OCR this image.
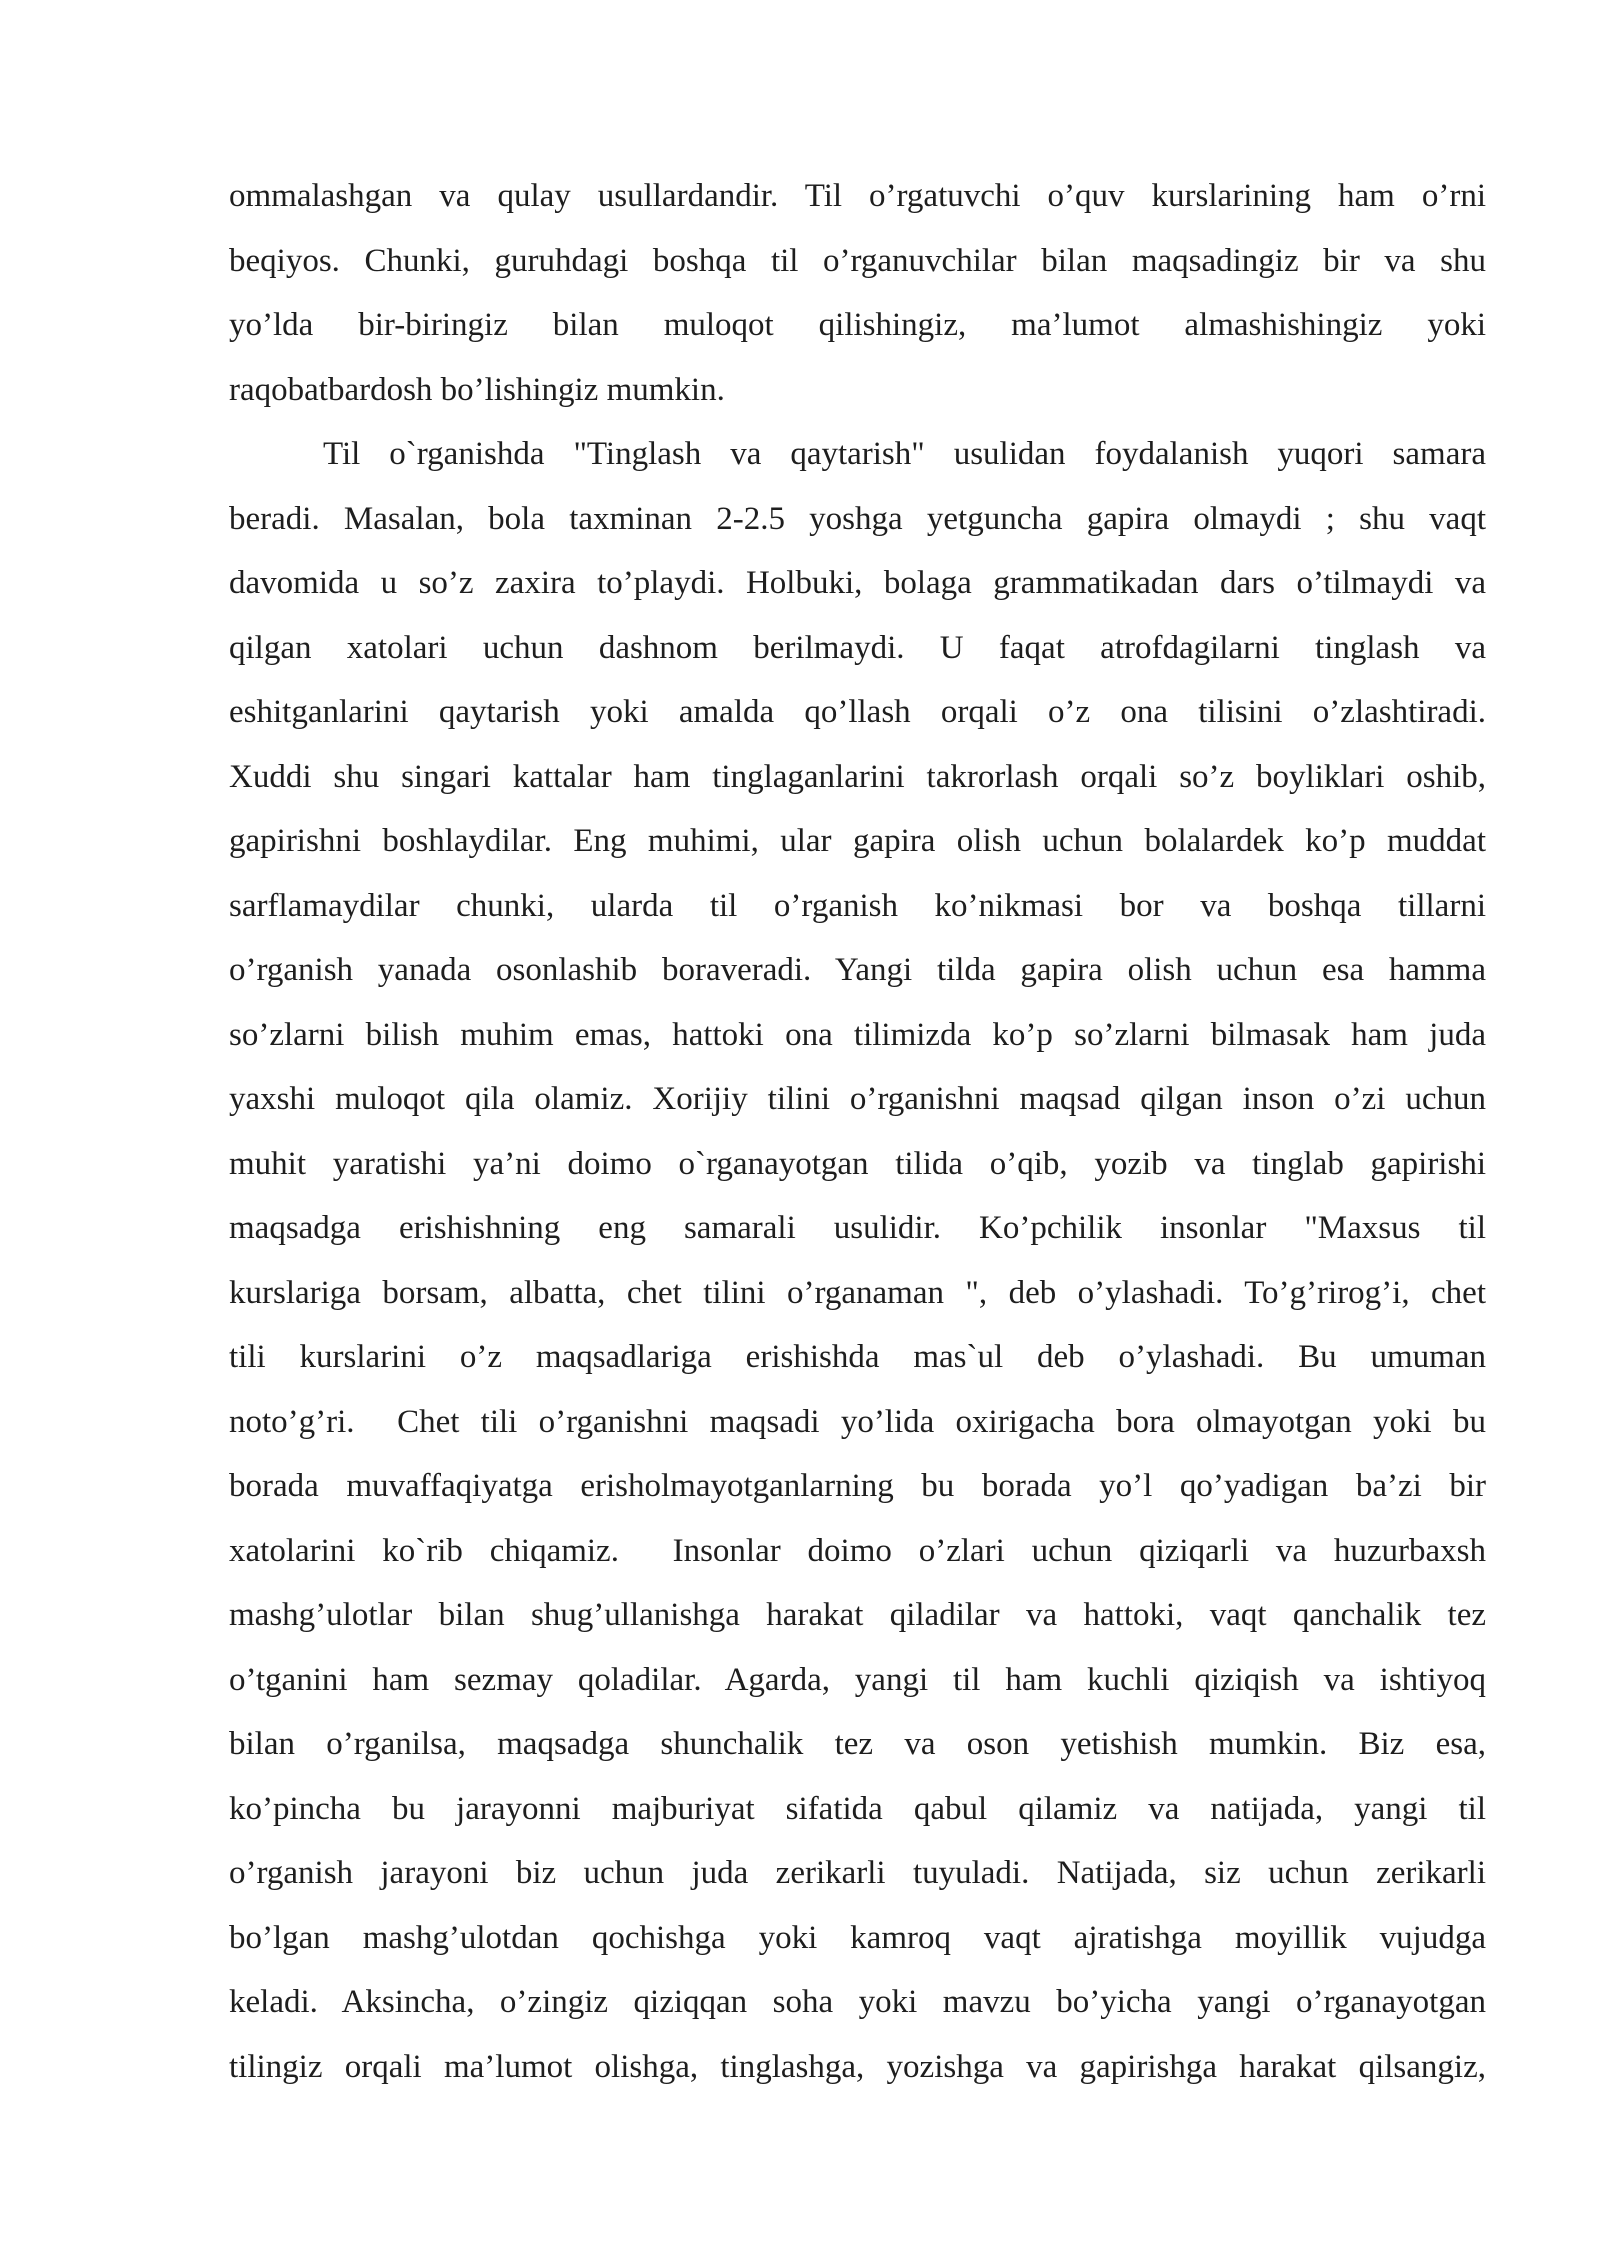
ommalashgan va qulay usullardandir. Til o’rgatuvchi o’quv kurslarining ham o’rni
beqiyos. Chunki, guruhdagi boshqa til o’rganuvchilar bilan maqsadingiz bir va shu
yo’lda bir-biringiz bilan muloqot qilishingiz, ma’lumot almashishingiz yoki
raqobatbardosh bo’lishingiz mumkin.
Til o`rganishda "Tinglash va qaytarish" usulidan foydalanish yuqori samara
beradi. Masalan, bola taxminan 2-2.5 yoshga yetguncha gapira olmaydi ; shu vaqt
davomida u so’z zaxira to’playdi. Holbuki, bolaga grammatikadan dars o’tilmaydi va
qilgan xatolari uchun dashnom berilmaydi. U faqat atrofdagilarni tinglash va
eshitganlarini qaytarish yoki amalda qo’llash orqali o’z ona tilisini o’zlashtiradi.
Xuddi shu singari kattalar ham tinglaganlarini takrorlash orqali so’z boyliklari oshib,
gapirishni boshlaydilar. Eng muhimi, ular gapira olish uchun bolalardek ko’p muddat
sarflamaydilar chunki, ularda til o’rganish ko’nikmasi bor va boshqa tillarni
o’rganish yanada osonlashib boraveradi. Yangi tilda gapira olish uchun esa hamma
so’zlarni bilish muhim emas, hattoki ona tilimizda ko’p so’zlarni bilmasak ham juda
yaxshi muloqot qila olamiz. Xorijiy tilini o’rganishni maqsad qilgan inson o’zi uchun
muhit yaratishi ya’ni doimo o`rganayotgan tilida o’qib, yozib va tinglab gapirishi
maqsadga erishishning eng samarali usulidir. Ko’pchilik insonlar "Maxsus til
kurslariga borsam, albatta, chet tilini o’rganaman ", deb o’ylashadi. To’g’rirog’i, chet
tili kurslarini o’z maqsadlariga erishishda mas`ul deb o’ylashadi. Bu umuman
noto’g’ri.  Chet tili o’rganishni maqsadi yo’lida oxirigacha bora olmayotgan yoki bu
borada muvaffaqiyatga erisholmayotganlarning bu borada yo’l qo’yadigan ba’zi bir
xatolarini ko`rib chiqamiz.  Insonlar doimo o’zlari uchun qiziqarli va huzurbaxsh
mashg’ulotlar bilan shug’ullanishga harakat qiladilar va hattoki, vaqt qanchalik tez
o’tganini ham sezmay qoladilar. Agarda, yangi til ham kuchli qiziqish va ishtiyoq
bilan o’rganilsa, maqsadga shunchalik tez va oson yetishish mumkin. Biz esa,
ko’pincha bu jarayonni majburiyat sifatida qabul qilamiz va natijada, yangi til
o’rganish jarayoni biz uchun juda zerikarli tuyuladi. Natijada, siz uchun zerikarli
bo’lgan mashg’ulotdan qochishga yoki kamroq vaqt ajratishga moyillik vujudga
keladi. Aksincha, o’zingiz qiziqqan soha yoki mavzu bo’yicha yangi o’rganayotgan
tilingiz orqali ma’lumot olishga, tinglashga, yozishga va gapirishga harakat qilsangiz,
